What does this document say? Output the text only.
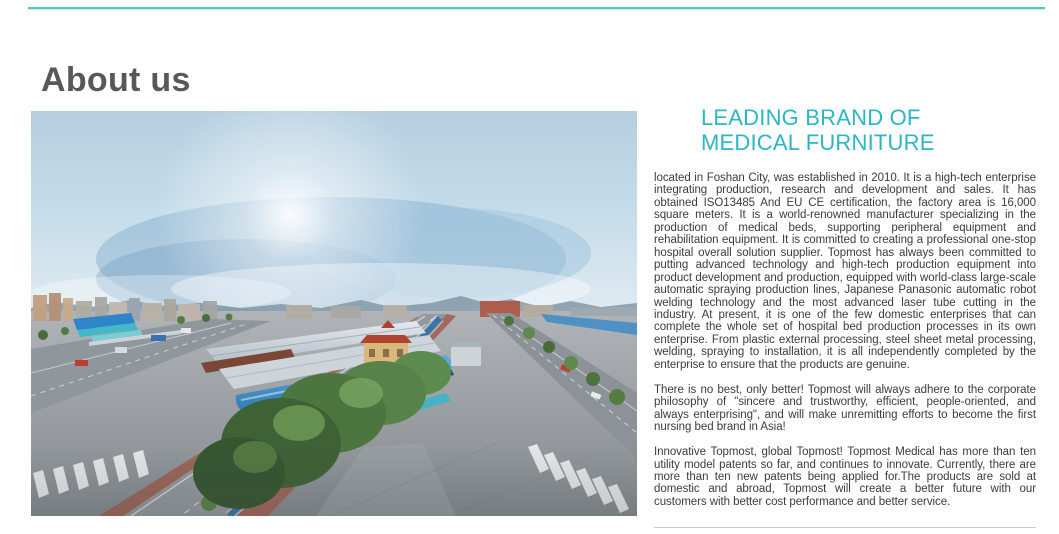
About us
LEADING BRAND OF
MEDICAL FURNITURE

located in Foshan City, was established in 2010. It is a high-tech enterprise integrating production, research and development and sales. It has obtained ISO13485 And EU CE certification, the factory area is 16,000 square meters. It is a world-renowned manufacturer specializing in the production of medical beds, supporting peripheral equipment and rehabilitation equipment. It is committed to creating a professional one-stop hospital overall solution supplier. Topmost has always been committed to putting advanced technology and high-tech production equipment into product development and production, equipped with world-class large-scale automatic spraying production lines, Japanese Panasonic automatic robot welding technology and the most advanced laser tube cutting in the industry. At present, it is one of the few domestic enterprises that can complete the whole set of hospital bed production processes in its own enterprise. From plastic external processing, steel sheet metal processing, welding, spraying to installation, it is all independently completed by the enterprise to ensure that the products are genuine.

There is no best, only better! Topmost will always adhere to the corporate philosophy of "sincere and trustworthy, efficient, people-oriented, and always enterprising", and will make unremitting efforts to become the first nursing bed brand in Asia!

Innovative Topmost, global Topmost! Topmost Medical has more than ten utility model patents so far, and continues to innovate. Currently, there are more than ten new patents being applied for.The products are sold at domestic and abroad, Topmost will create a better future with our customers with better cost performance and better service.
